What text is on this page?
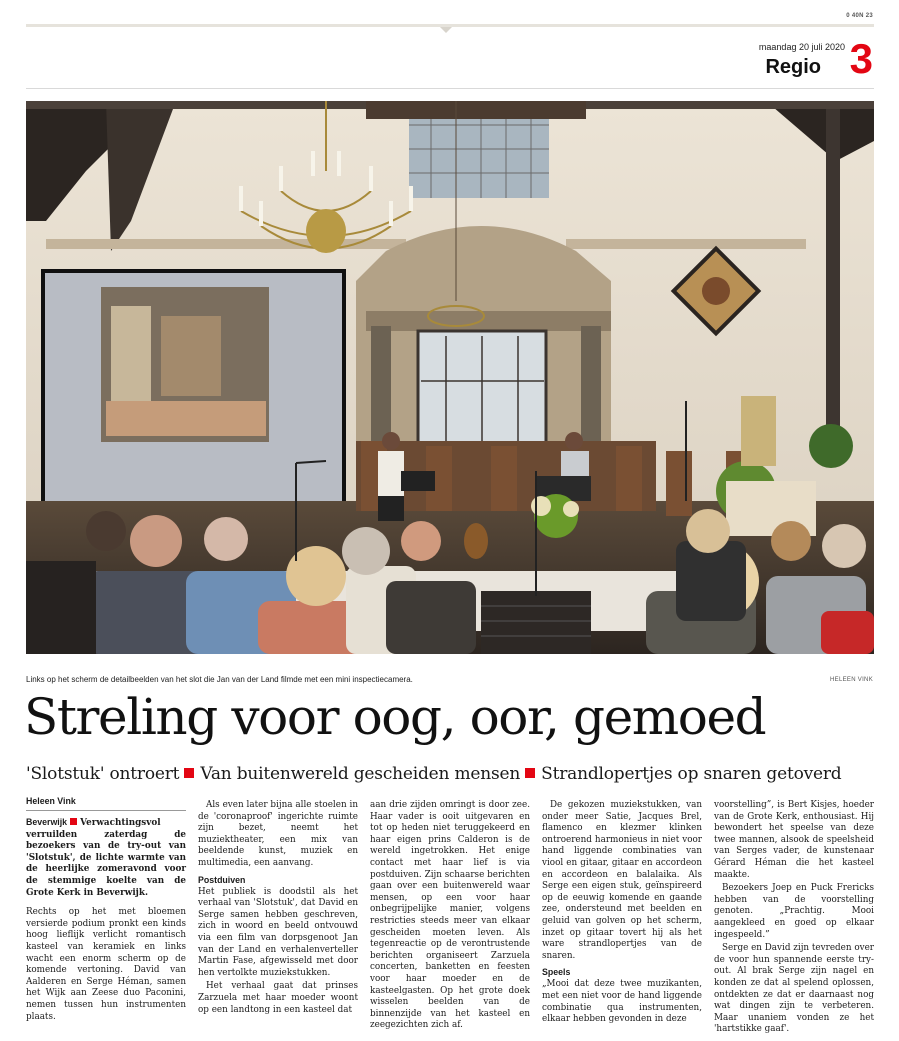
0 40N 23
maandag 20 juli 2020
Regio 3
Links op het scherm de detailbeelden van het slot die Jan van der Land filmde met een mini inspectiecamera.	HELEEN VINK
Streling voor oog, oor, gemoed
'Slotstuk' ontroert Van buitenwereld gescheiden mensen Strandlopertjes op snaren getoverd
Heleen Vink

Beverwijk Verwachtingsvol verruilden zaterdag de bezoekers van de try-out van 'Slotstuk', de lichte warmte van de heerlijke zomeravond voor de stemmige koelte van de Grote Kerk in Beverwijk.

Rechts op het met bloemen versierde podium pronkt een kinds hoog lieflijk verlicht romantisch kasteel van keramiek en links wacht een enorm scherm op de komende vertoning. David van Aalderen en Serge Héman, samen het Wijk aan Zeese duo Paconini, nemen tussen hun instrumenten plaats.

Als even later bijna alle stoelen in de 'coronaproof' ingerichte ruimte zijn bezet, neemt het muziektheater, een mix van beeldende kunst, muziek en multimedia, een aanvang.

Postduiven

Het publiek is doodstil als het verhaal van 'Slotstuk', dat David en Serge samen hebben geschreven, zich in woord en beeld ontvouwd via een film van dorpsgenoot Jan van der Land en verhalenverteller Martin Fase, afgewisseld met door hen vertolkte muziekstukken.

Het verhaal gaat dat prinses Zarzuela met haar moeder woont op een landtong in een kasteel dat

aan drie zijden omringt is door zee. Haar vader is ooit uitgevaren en tot op heden niet teruggekeerd en haar eigen prins Calderon is de wereld ingetrokken. Het enige contact met haar lief is via postduiven. Zijn schaarse berichten gaan over een buitenwereld waar mensen, op een voor haar onbegrijpelijke manier, volgens restricties steeds meer van elkaar gescheiden moeten leven. Als tegenreactie op de verontrustende berichten organiseert Zarzuela concerten, banketten en feesten voor haar moeder en de kasteelgasten. Op het grote doek wisselen beelden van de binnenzijde van het kasteel en zeegezichten zich af.

De gekozen muziekstukken, van onder meer Satie, Jacques Brel, flamenco en klezmer klinken ontroerend harmonieus in niet voor hand liggende combinaties van viool en gitaar, gitaar en accordeon en accordeon en balalaika. Als Serge een eigen stuk, geïnspireerd op de eeuwig komende en gaande zee, ondersteund met beelden en geluid van golven op het scherm, inzet op gitaar tovert hij als het ware strandlopertjes van de snaren.

Speels

„Mooi dat deze twee muzikanten, met een niet voor de hand liggende combinatie qua instrumenten, elkaar hebben gevonden in deze

voorstelling”, is Bert Kisjes, hoeder van de Grote Kerk, enthousiast. Hij bewondert het speelse van deze twee mannen, alsook de speelsheid van Serges vader, de kunstenaar Gérard Héman die het kasteel maakte.

Bezoekers Joep en Puck Frericks hebben van de voorstelling genoten. „Prachtig. Mooi aangekleed en goed op elkaar ingespeeld.”

Serge en David zijn tevreden over de voor hun spannende eerste try-out. Al brak Serge zijn nagel en konden ze dat al spelend oplossen, ontdekten ze dat er daarnaast nog wat dingen zijn te verbeteren. Maar unaniem vonden ze het 'hartstikke gaaf'.
